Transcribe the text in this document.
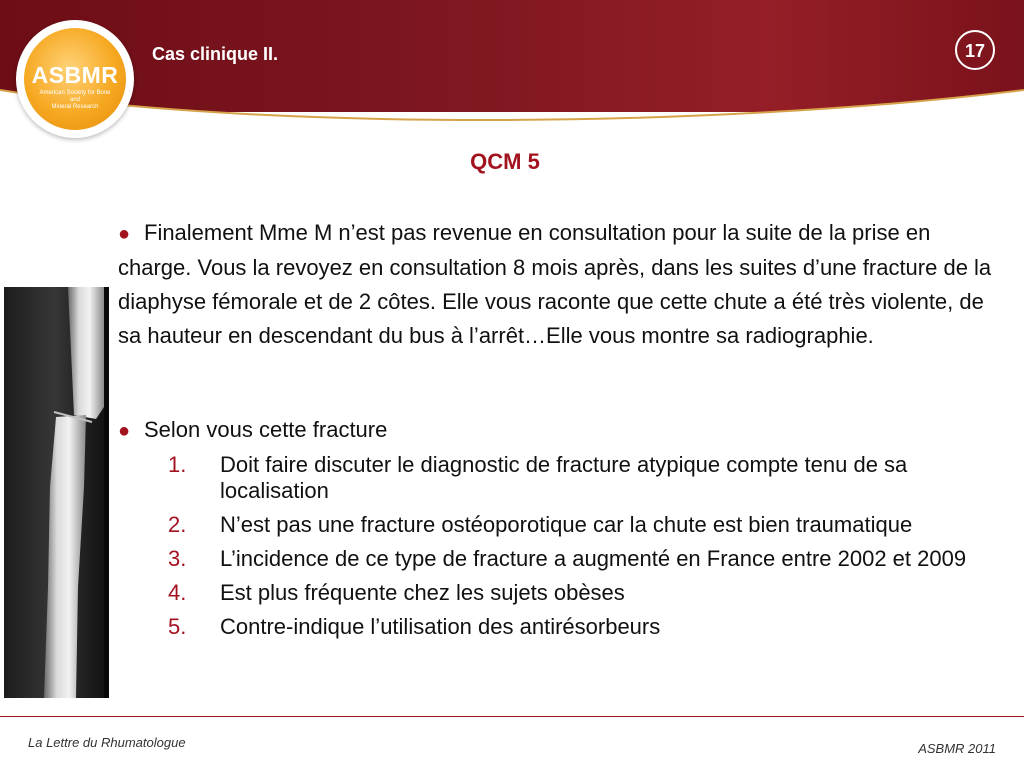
ASBMR
American Society for Bone
and
Mineral Research
Cas clinique II.	17
QCM 5
● Finalement Mme M n’est pas revenue en consultation pour la suite de la prise en charge. Vous la revoyez en consultation 8 mois après, dans les suites d’une fracture de la diaphyse fémorale et de 2 côtes. Elle vous raconte que cette chute a été très violente, de sa hauteur en descendant du bus à l’arrêt…Elle vous montre sa radiographie.
● Selon vous cette fracture
1. Doit faire discuter le diagnostic de fracture atypique compte tenu de sa localisation
2. N’est pas une fracture ostéoporotique car la chute est bien traumatique
3. L’incidence de ce type de fracture a augmenté en France entre 2002 et 2009
4. Est plus fréquente chez les sujets obèses
5. Contre-indique l’utilisation des antirésorbeurs
La Lettre du Rhumatologue	ASBMR 2011
